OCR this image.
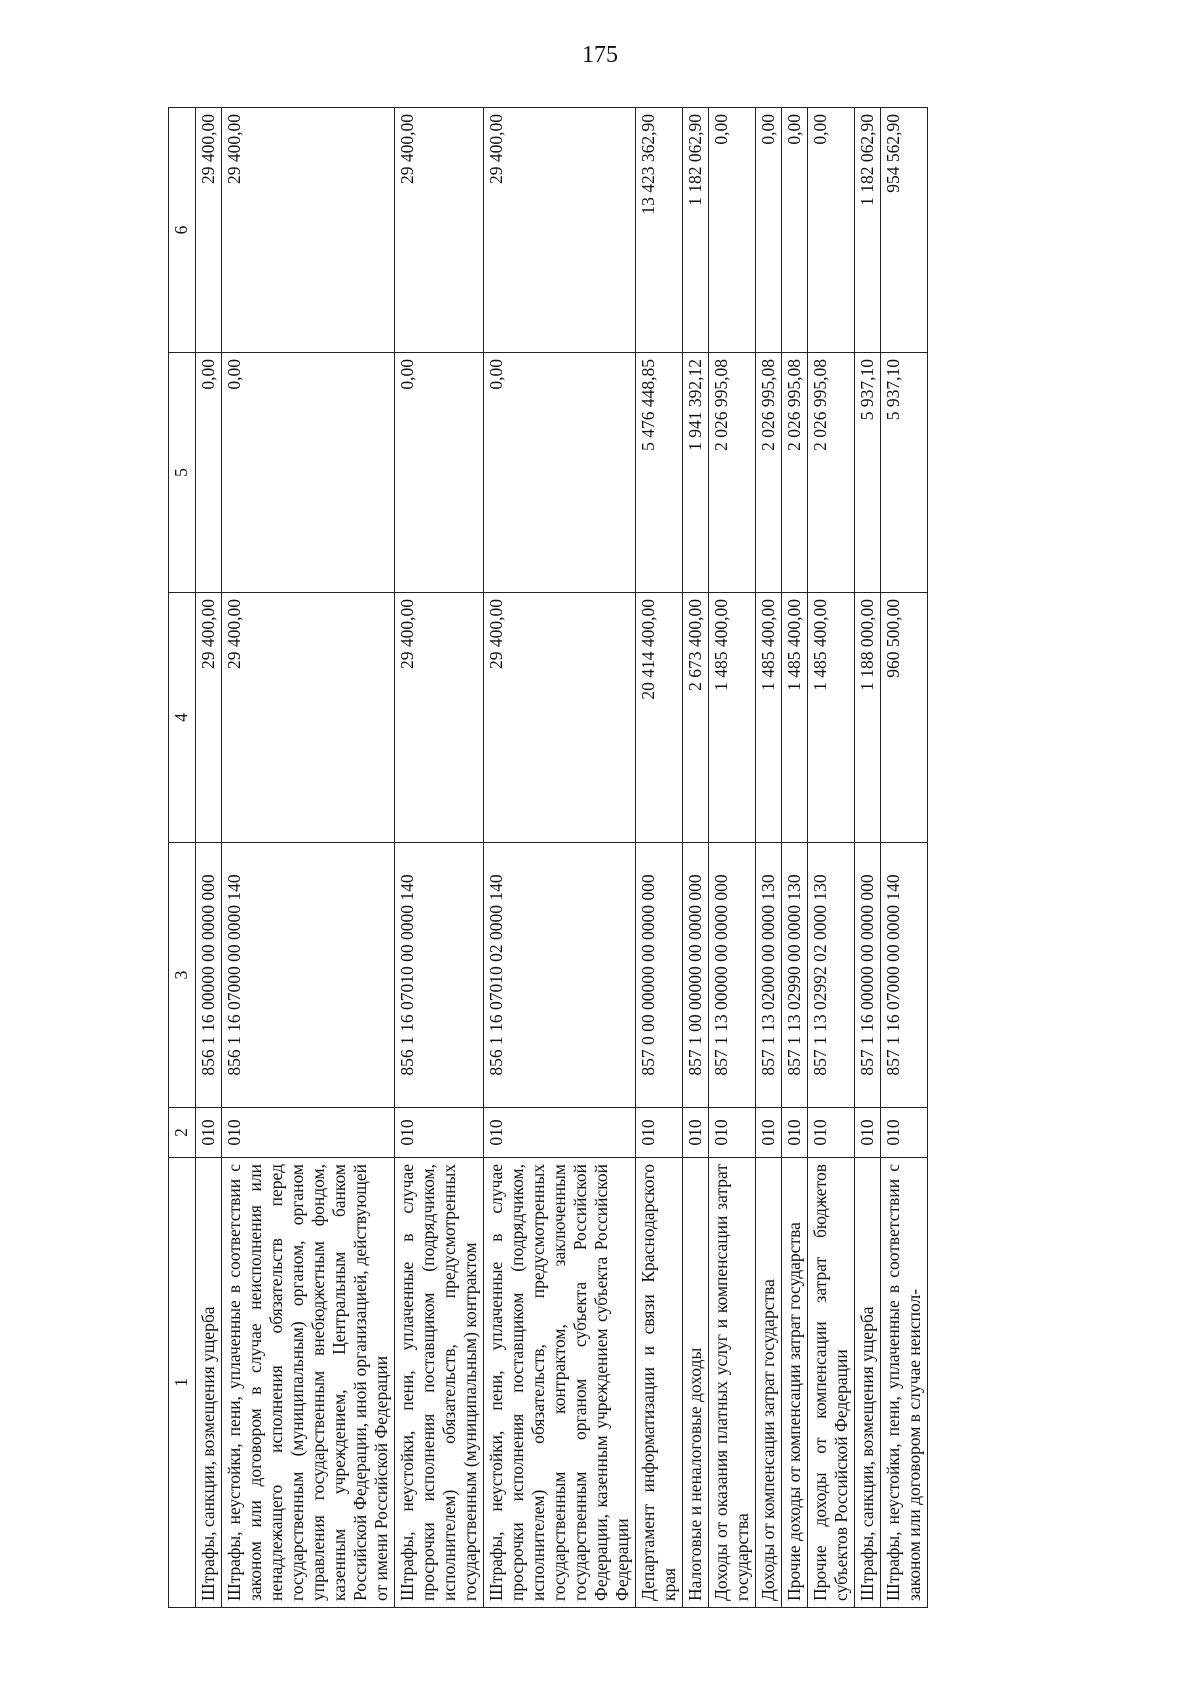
175
1	2	3	4	5	6
Штрафы, санкции, возмещения ущерба	010	856 1 16 00000 00 0000 000	29 400,00	0,00	29 400,00
Штрафы, неустойки, пени, уплаченные в соответствии с законом или договором в случае неисполнения или ненадлежащего исполнения обязательств перед государственным (муниципальным) органом, органом управления государственным внебюджетным фондом, казенным учреждением, Центральным банком Российской Федерации, иной организацией, действующей от имени Российской Федерации	010	856 1 16 07000 00 0000 140	29 400,00	0,00	29 400,00
Штрафы, неустойки, пени, уплаченные в случае просрочки исполнения поставщиком (подрядчиком, исполнителем) обязательств, предусмотренных государственным (муниципальным) контрактом	010	856 1 16 07010 00 0000 140	29 400,00	0,00	29 400,00
Штрафы, неустойки, пени, уплаченные в случае просрочки исполнения поставщиком (подрядчиком, исполнителем) обязательств, предусмотренных государственным контрактом, заключенным государственным органом субъекта Российской Федерации, казенным учреждением субъекта Российской Федерации	010	856 1 16 07010 02 0000 140	29 400,00	0,00	29 400,00
Департамент информатизации и связи Краснодарского края	010	857 0 00 00000 00 0000 000	20 414 400,00	5 476 448,85	13 423 362,90
Налоговые и неналоговые доходы	010	857 1 00 00000 00 0000 000	2 673 400,00	1 941 392,12	1 182 062,90
Доходы от оказания платных услуг и компенсации затрат государства	010	857 1 13 00000 00 0000 000	1 485 400,00	2 026 995,08	0,00
Доходы от компенсации затрат государства	010	857 1 13 02000 00 0000 130	1 485 400,00	2 026 995,08	0,00
Прочие доходы от компенсации затрат государства	010	857 1 13 02990 00 0000 130	1 485 400,00	2 026 995,08	0,00
Прочие доходы от компенсации затрат бюджетов субъектов Российской Федерации	010	857 1 13 02992 02 0000 130	1 485 400,00	2 026 995,08	0,00
Штрафы, санкции, возмещения ущерба	010	857 1 16 00000 00 0000 000	1 188 000,00	5 937,10	1 182 062,90
Штрафы, неустойки, пени, уплаченные в соответствии с законом или договором в случае неиспол-	010	857 1 16 07000 00 0000 140	960 500,00	5 937,10	954 562,90
